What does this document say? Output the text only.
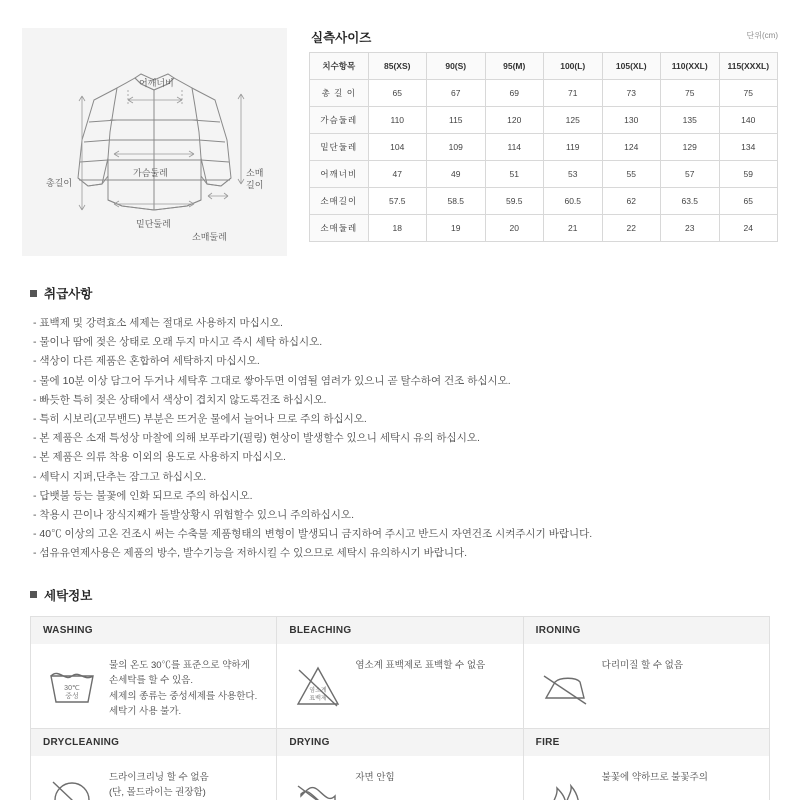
어깨너비
총길이
가슴둘레	소매
길이
밑단둘레
소매둘레
실측사이즈	단위(cm)
치수항목	85(XS)	90(S)	95(M)	100(L)	105(XL)	110(XXL)	115(XXXL)
총 길 이	65	67	69	71	73	75	75
가슴둘레	110	115	120	125	130	135	140
밑단둘레	104	109	114	119	124	129	134
어깨너비	47	49	51	53	55	57	59
소매길이	57.5	58.5	59.5	60.5	62	63.5	65
소매둘레	18	19	20	21	22	23	24
취급사항
- 표백제 및 강력효소 세제는 절대로 사용하지 마십시오.
- 물이나 땀에 젖은 상태로 오래 두지 마시고 즉시 세탁 하십시오.
- 색상이 다른 제품은 혼합하여 세탁하지 마십시오.
- 물에 10분 이상 담그어 두거나 세탁후 그대로 쌓아두면 이염될 염려가 있으니 곧 탈수하여 건조 하십시오.
- 빠듯한 특히 젖은 상태에서 색상이 겹치지 않도록건조 하십시오.
- 특히 시보리(고무밴드) 부분은 뜨거운 물에서 늘어나 므로 주의 하십시오.
- 본 제품은 소재 특성상 마찰에 의해 보푸라기(필링) 현상이 발생할수 있으니 세탁시 유의 하십시오.
- 본 제품은 의류 착용 이외의 용도로 사용하지 마십시오.
- 세탁시 지퍼,단추는 잠그고 하십시오.
- 답뱃불 등는 불꽃에 인화 되므로 주의 하십시오.
- 착용시 끈이나 장식지째가 돌발상황시 위험할수 있으니 주의하십시오.
- 40℃ 이상의 고온 건조시 써는 수축물 제품형태의 변형이 발생되니 금지하여 주시고 반드시 자연건조 시켜주시기 바랍니다.
- 섬유유연제사용은 제품의 방수, 발수기능을 저하시킬 수 있으므로 세탁시 유의하시기 바랍니다.
세탁정보
WASHING
30℃
중성
물의 온도 30℃를 표준으로 약하게
손세탁를 할 수 있음.
세제의 종류는 중성세제를 사용한다.
세탁기 사용 불가.
BLEACHING
염소계
표백제
염소계 표백제로 표백할 수 없음
IRONING
다리미질 할 수 없음
DRYCLEANING
드라이크리닝 할 수 없음
(단, 몰드라이는 권장함)
DRYING
자면 안힘
FIRE
불꽃에 약하므로 불꽃주의
